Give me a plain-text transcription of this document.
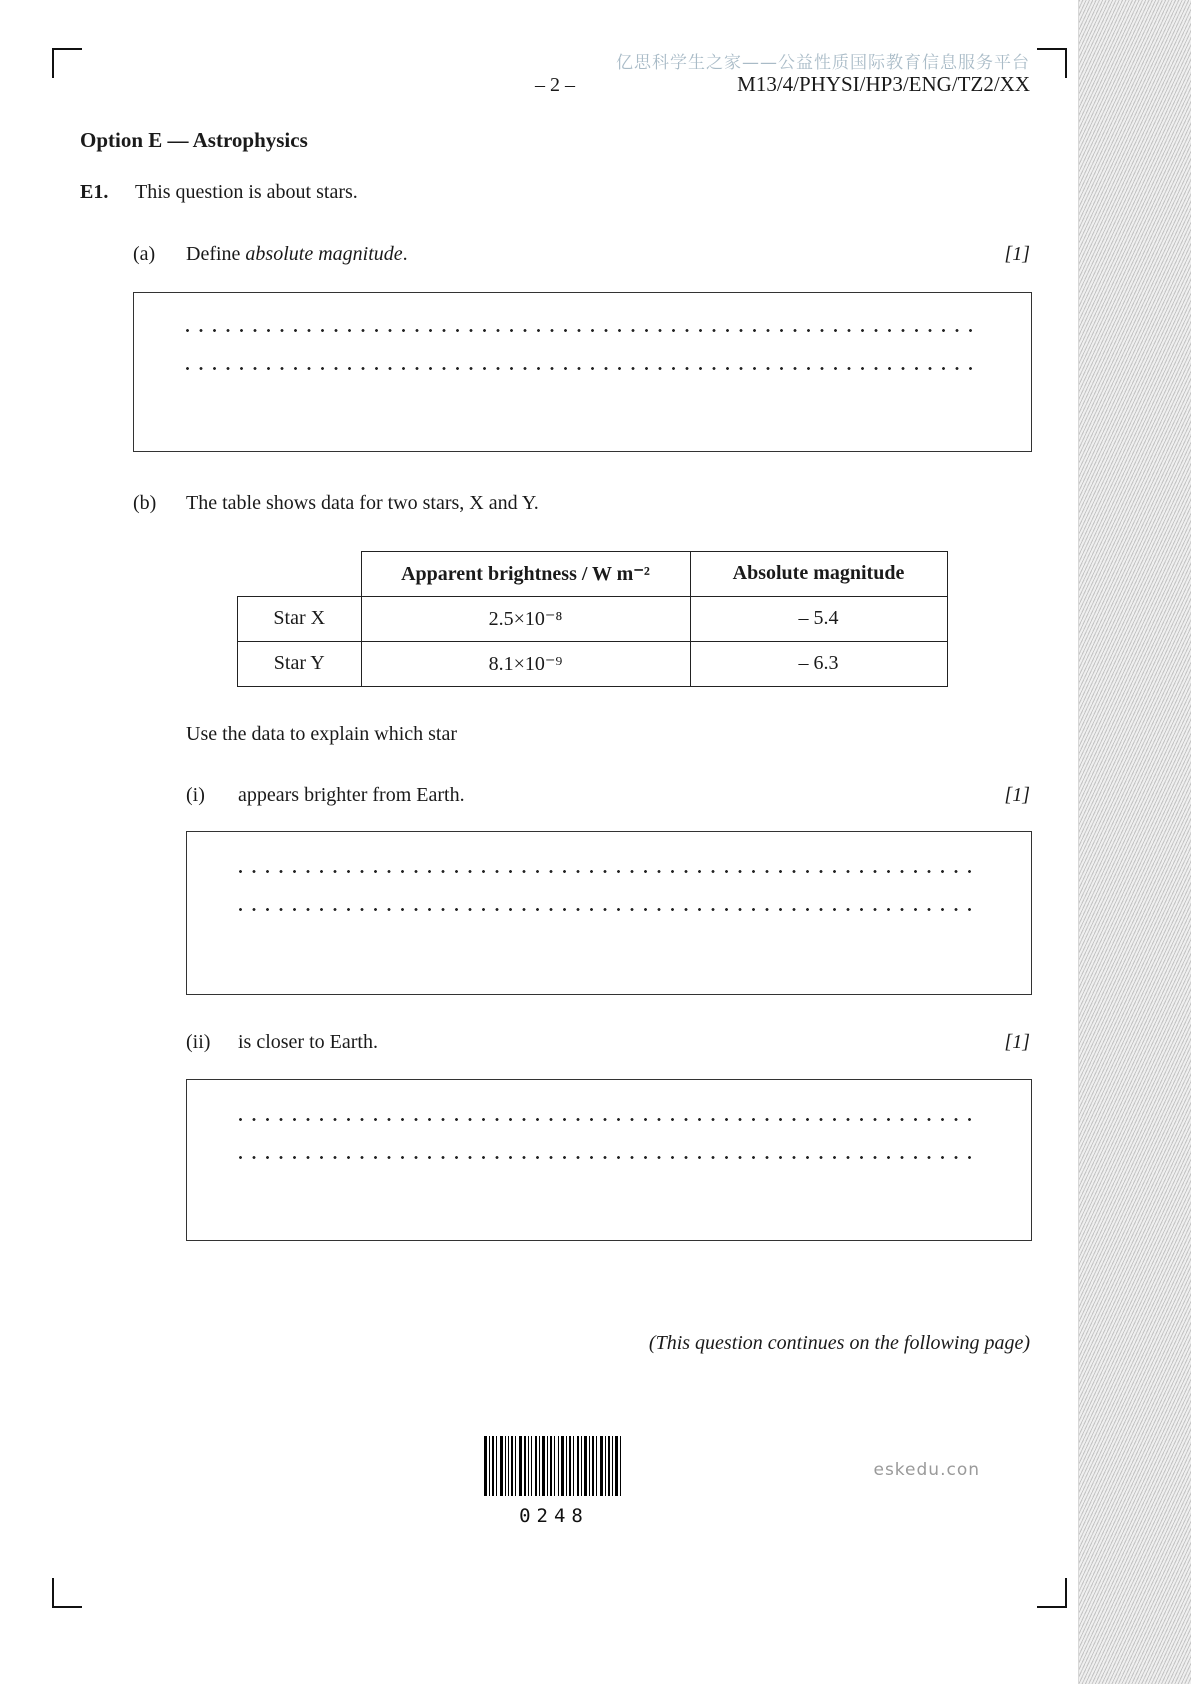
亿思科学生之家——公益性质国际教育信息服务平台
– 2 –	M13/4/PHYSI/HP3/ENG/TZ2/XX
Option E — Astrophysics
E1. This question is about stars.
(a) Define absolute magnitude.	[1]
(b) The table shows data for two stars, X and Y.
	Apparent brightness / W m⁻²	Absolute magnitude
Star X	2.5×10⁻⁸	– 5.4
Star Y	8.1×10⁻⁹	– 6.3
Use the data to explain which star
(i) appears brighter from Earth.	[1]
(ii) is closer to Earth.	[1]
(This question continues on the following page)
0248
eskedu.con
